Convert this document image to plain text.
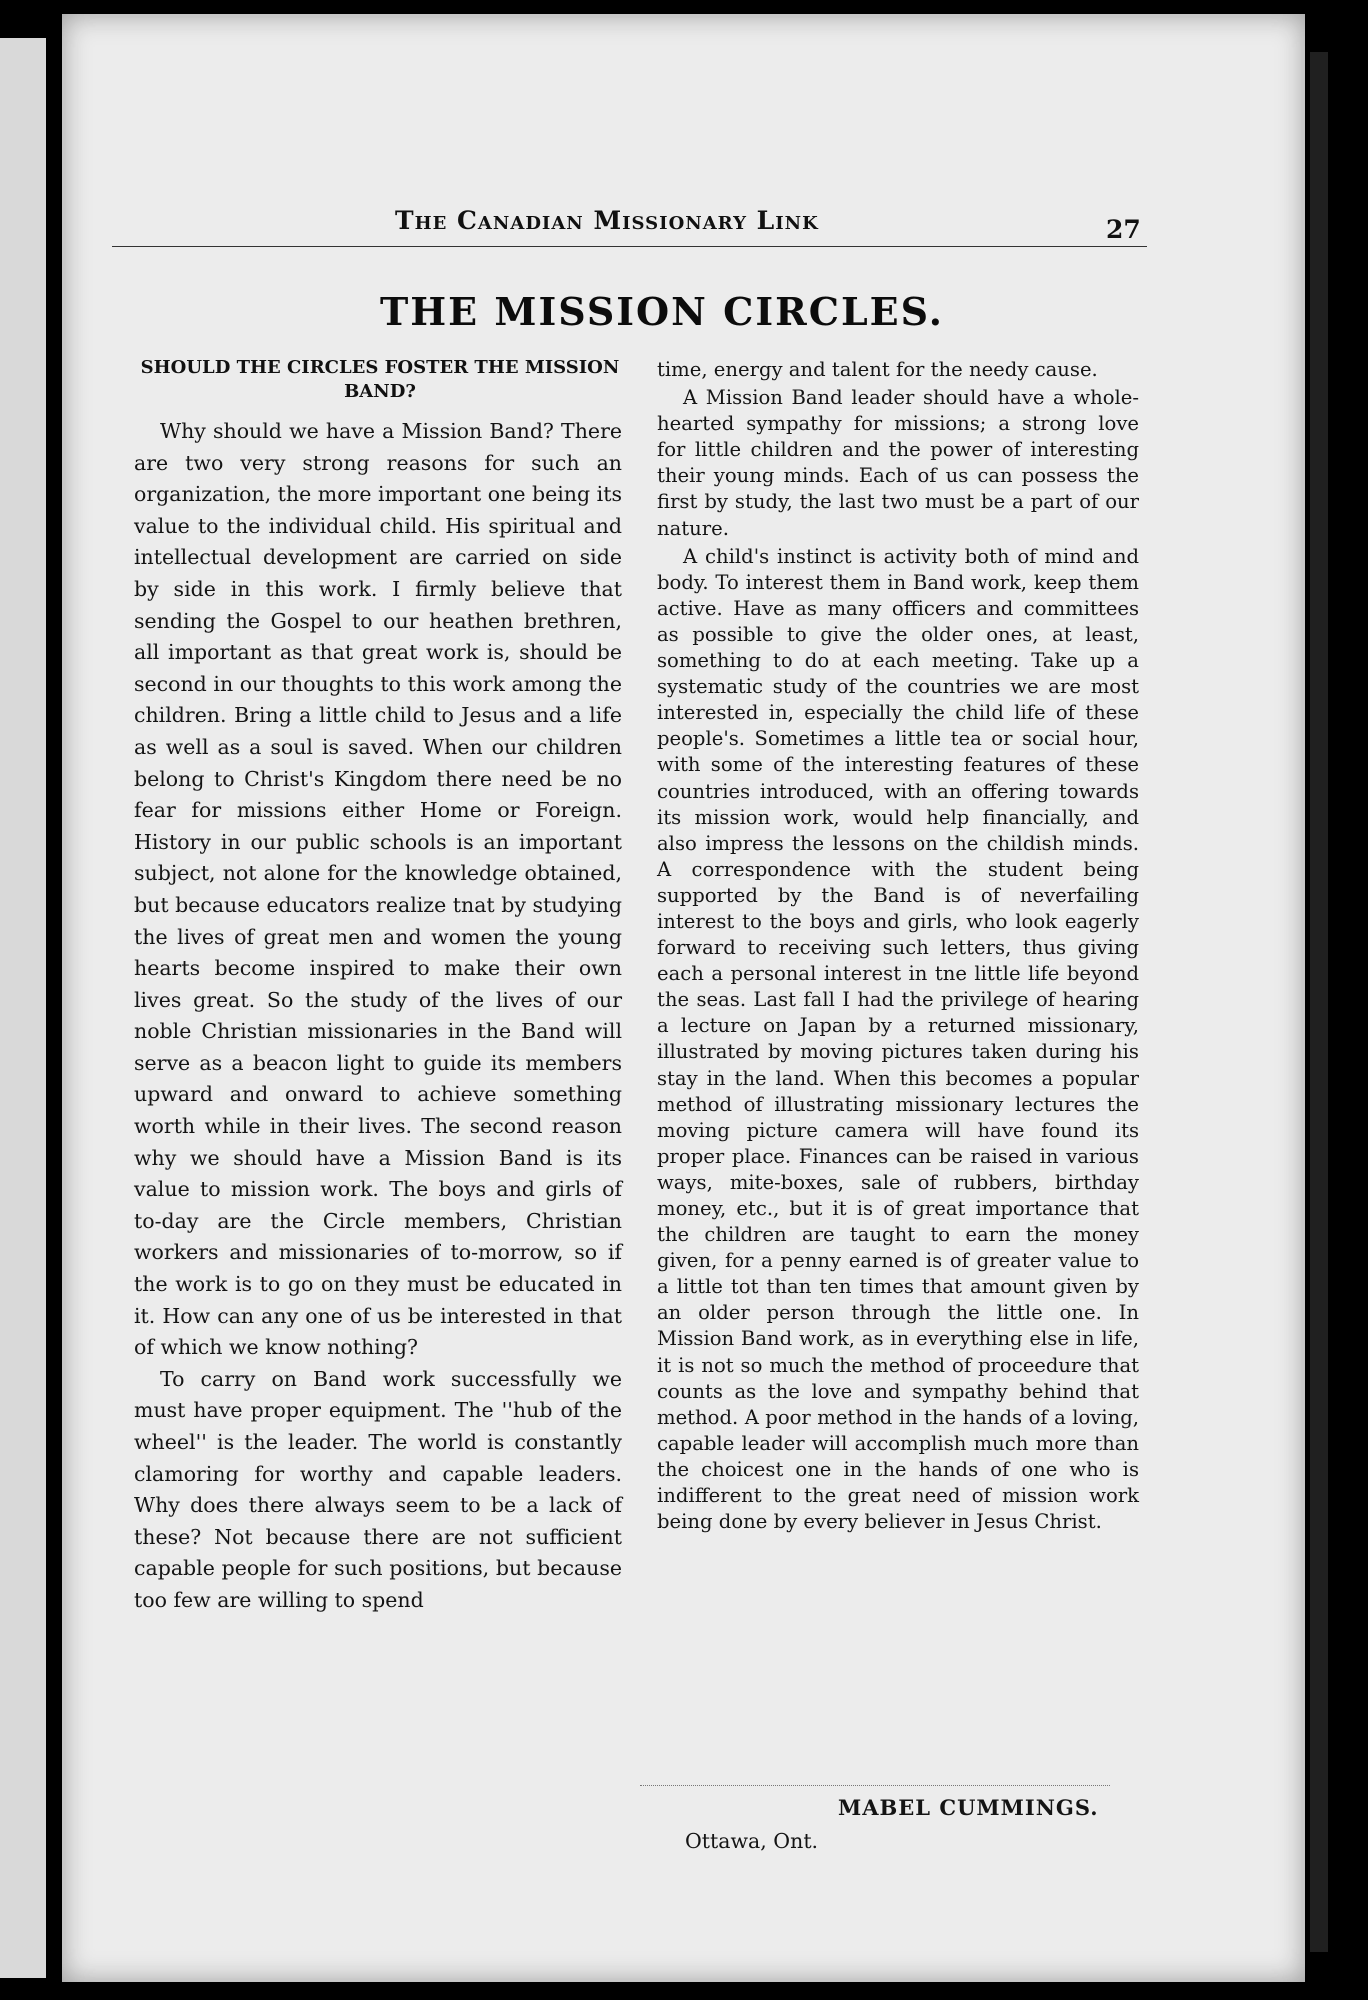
The Canadian Missionary Link	27
THE MISSION CIRCLES.
SHOULD THE CIRCLES FOSTER THE MISSION BAND?

Why should we have a Mission Band? There are two very strong reasons for such an organization, the more important one being its value to the individual child. His spiritual and intellectual development are carried on side by side in this work. I firmly believe that sending the Gospel to our heathen brethren, all important as that great work is, should be second in our thoughts to this work among the children. Bring a little child to Jesus and a life as well as a soul is saved. When our children belong to Christ's Kingdom there need be no fear for missions either Home or Foreign. History in our public schools is an important subject, not alone for the knowledge obtained, but because educators realize tnat by studying the lives of great men and women the young hearts become inspired to make their own lives great. So the study of the lives of our noble Christian missionaries in the Band will serve as a beacon light to guide its members upward and onward to achieve something worth while in their lives. The second reason why we should have a Mission Band is its value to mission work. The boys and girls of to-day are the Circle members, Christian workers and missionaries of to-morrow, so if the work is to go on they must be educated in it. How can any one of us be interested in that of which we know nothing?

To carry on Band work successfully we must have proper equipment. The ''hub of the wheel'' is the leader. The world is constantly clamoring for worthy and capable leaders. Why does there always seem to be a lack of these? Not because there are not sufficient capable people for such positions, but because too few are willing to spend

time, energy and talent for the needy cause.

A Mission Band leader should have a whole-hearted sympathy for missions; a strong love for little children and the power of interesting their young minds. Each of us can possess the first by study, the last two must be a part of our nature.

A child's instinct is activity both of mind and body. To interest them in Band work, keep them active. Have as many officers and committees as possible to give the older ones, at least, something to do at each meeting. Take up a systematic study of the countries we are most interested in, especially the child life of these people's. Sometimes a little tea or social hour, with some of the interesting features of these countries introduced, with an offering towards its mission work, would help financially, and also impress the lessons on the childish minds. A correspondence with the student being supported by the Band is of neverfailing interest to the boys and girls, who look eagerly forward to receiving such letters, thus giving each a personal interest in tne little life beyond the seas. Last fall I had the privilege of hearing a lecture on Japan by a returned missionary, illustrated by moving pictures taken during his stay in the land. When this becomes a popular method of illustrating missionary lectures the moving picture camera will have found its proper place. Finances can be raised in various ways, mite-boxes, sale of rubbers, birthday money, etc., but it is of great importance that the children are taught to earn the money given, for a penny earned is of greater value to a little tot than ten times that amount given by an older person through the little one. In Mission Band work, as in everything else in life, it is not so much the method of proceedure that counts as the love and sympathy behind that method. A poor method in the hands of a loving, capable leader will accomplish much more than the choicest one in the hands of one who is indifferent to the great need of mission work being done by every believer in Jesus Christ.

MABEL CUMMINGS.
Ottawa, Ont.
